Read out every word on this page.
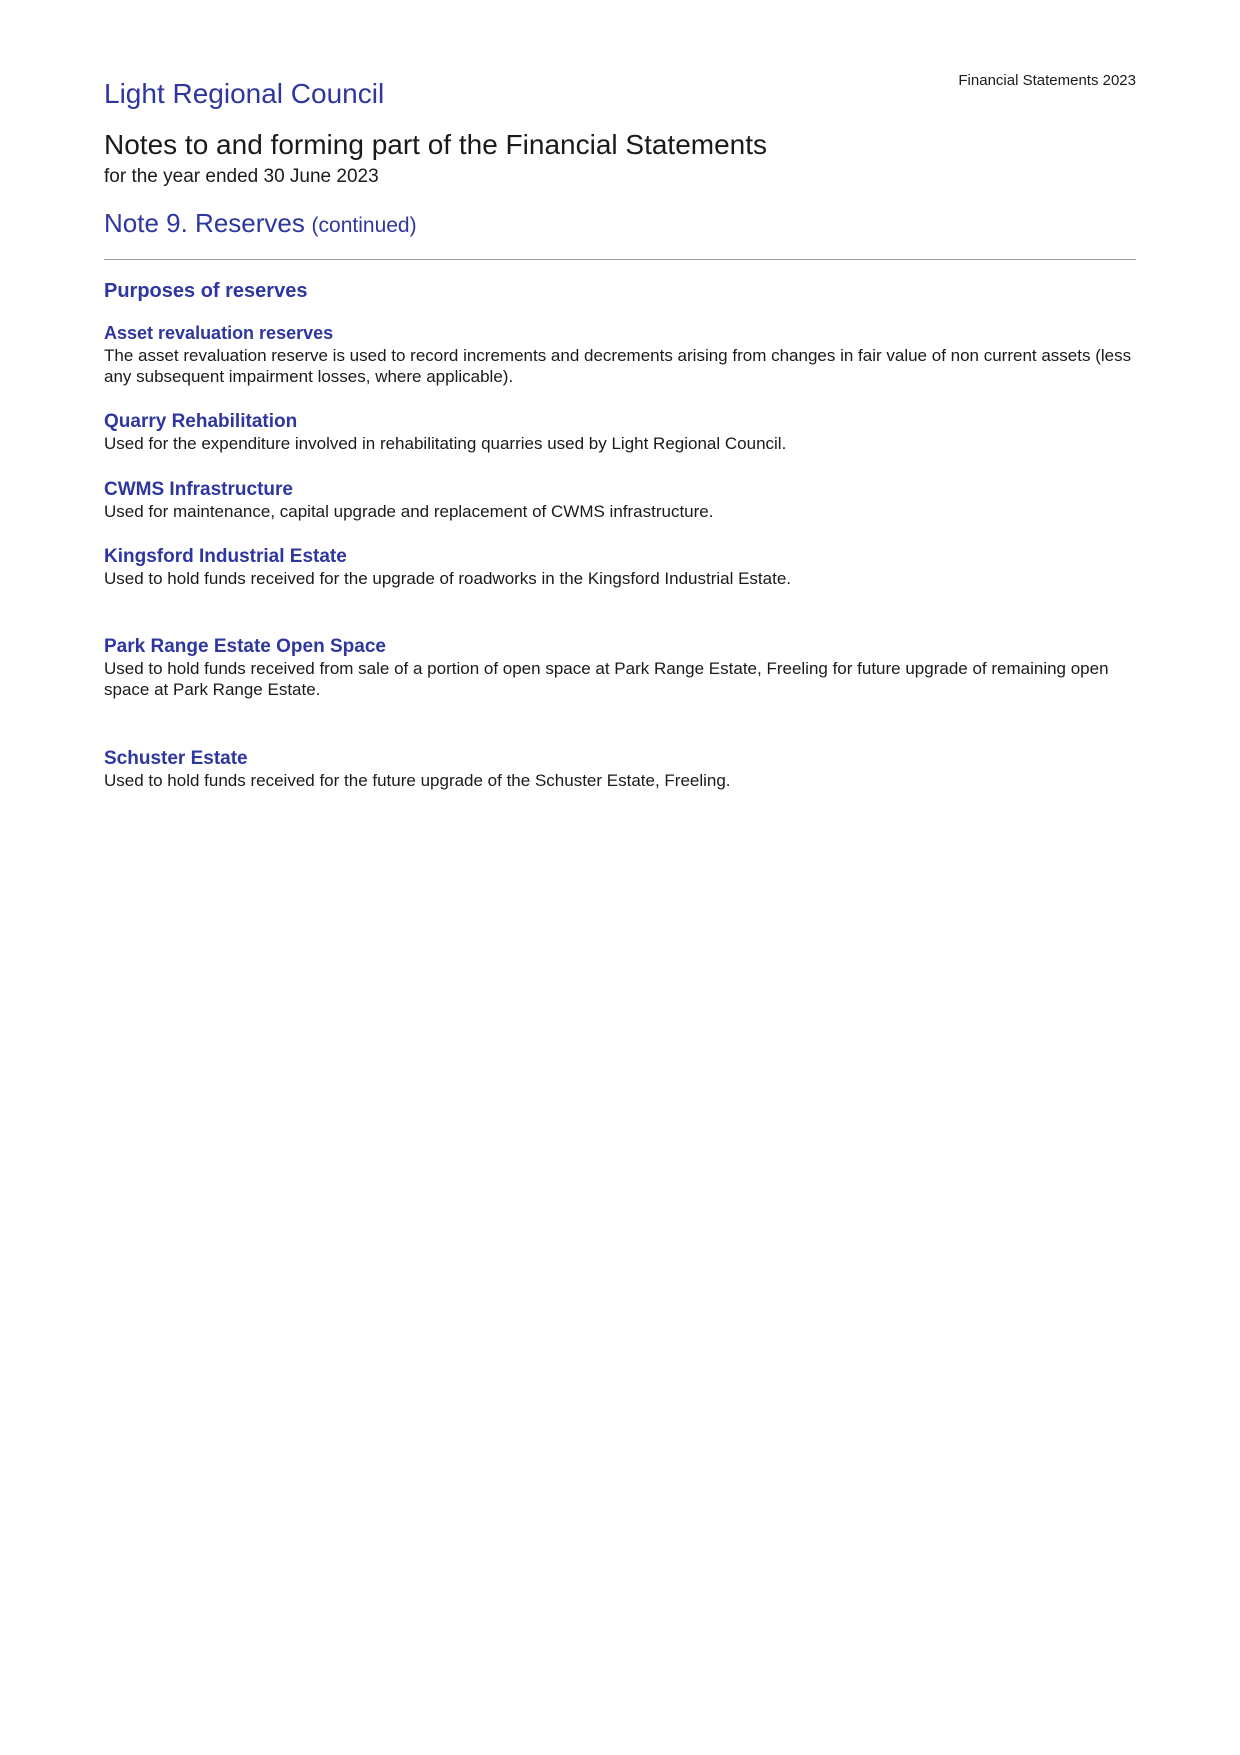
Financial Statements 2023
Light Regional Council
Notes to and forming part of the Financial Statements
for the year ended 30 June 2023
Note 9. Reserves (continued)
Purposes of reserves
Asset revaluation reserves

The asset revaluation reserve is used to record increments and decrements arising from changes in fair value of non current assets (less any subsequent impairment losses, where applicable).

Quarry Rehabilitation

Used for the expenditure involved in rehabilitating quarries used by Light Regional Council.

CWMS Infrastructure

Used for maintenance, capital upgrade and replacement of CWMS infrastructure.

Kingsford Industrial Estate

Used to hold funds received for the upgrade of roadworks in the Kingsford Industrial Estate.

Park Range Estate Open Space

Used to hold funds received from sale of a portion of open space at Park Range Estate, Freeling for future upgrade of remaining open space at Park Range Estate.

Schuster Estate

Used to hold funds received for the future upgrade of the Schuster Estate, Freeling.
